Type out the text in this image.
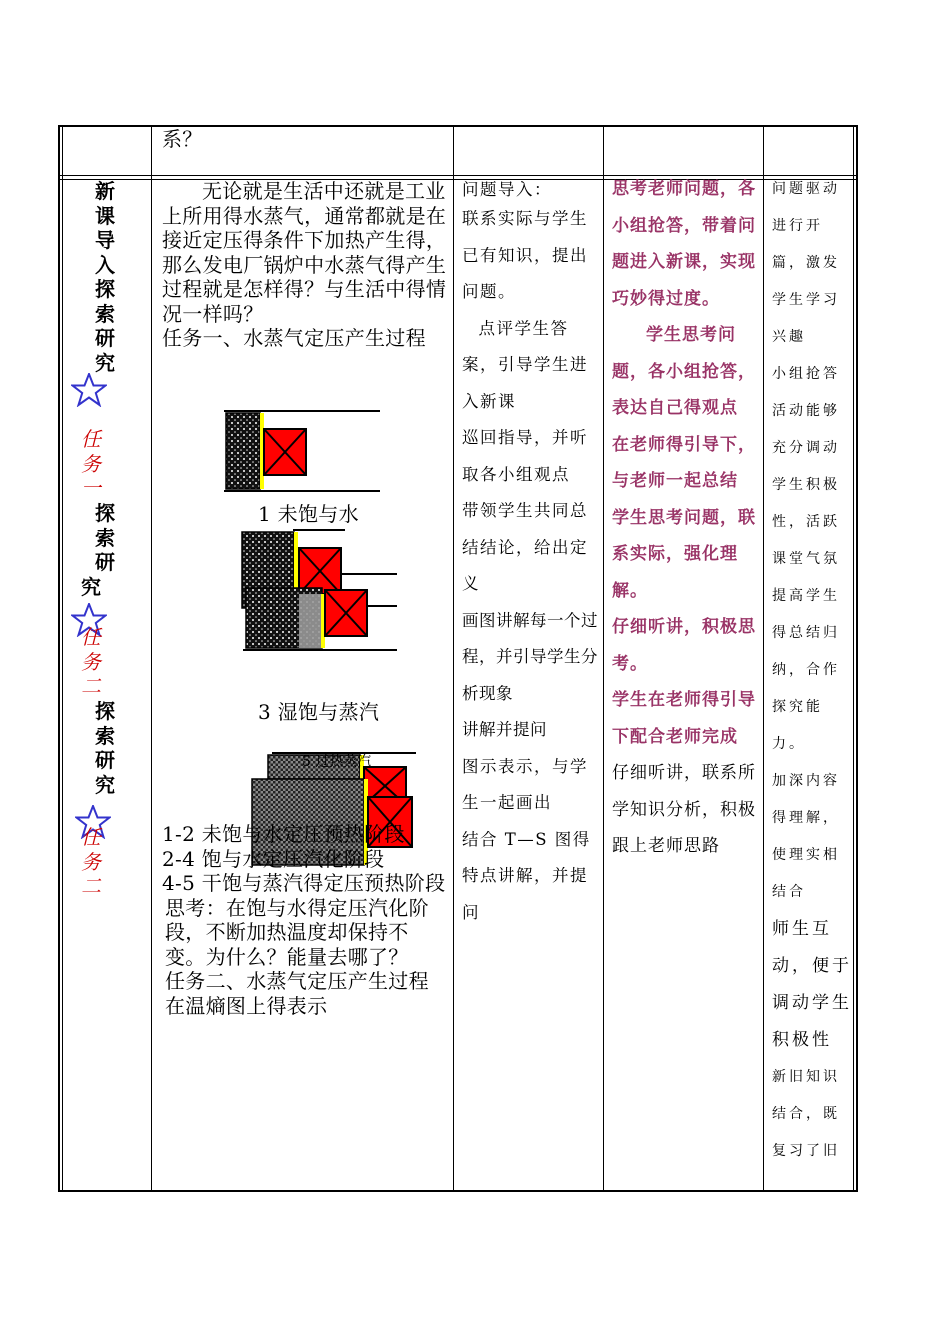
系？
新
课
导
入
探
索
研
究
任
务
一
探
索
研
究
任
务
二
探
索
研
究
任
务
二

无论就是生活中还就是工业上所用得水蒸气，通常都就是在接近定压得条件下加热产生得，那么发电厂锅炉中水蒸气得产生过程就是怎样得？与生活中得情况一样吗？

任务一、水蒸气定压产生过程

1 未饱与水
3 湿饱与蒸汽
5 过热蒸汽

1-2 未饱与水定压预热阶段

2-4 饱与水定压汽化阶段

4-5 干饱与蒸汽得定压预热阶段

思考：在饱与水得定压汽化阶段，不断加热温度却保持不变。为什么？能量去哪了？

任务二、水蒸气定压产生过程在温熵图上得表示

问题导入：

联系实际与学生已有知识，提出问题。

点评学生答案，引导学生进入新课

巡回指导，并听取各小组观点

带领学生共同总结结论，给出定义

画图讲解每一个过程，并引导学生分析现象

讲解并提问

图示表示，与学生一起画出

结合 T—S 图得特点讲解，并提问

思考老师问题，各小组抢答，带着问题进入新课，实现巧妙得过度。

学生思考问题，各小组抢答，表达自己得观点

在老师得引导下，与老师一起总结

学生思考问题，联系实际，强化理解。

仔细听讲，积极思考。

学生在老师得引导下配合老师完成

仔细听讲，联系所学知识分析，积极跟上老师思路

问题驱动进行开篇，激发学生学习兴趣

小组抢答活动能够充分调动学生积极性，活跃课堂气氛

提高学生得总结归纳，合作探究能力。

加深内容得理解，使理实相结合

师生互动，便于调动学生积极性

新旧知识结合，既复习了旧
